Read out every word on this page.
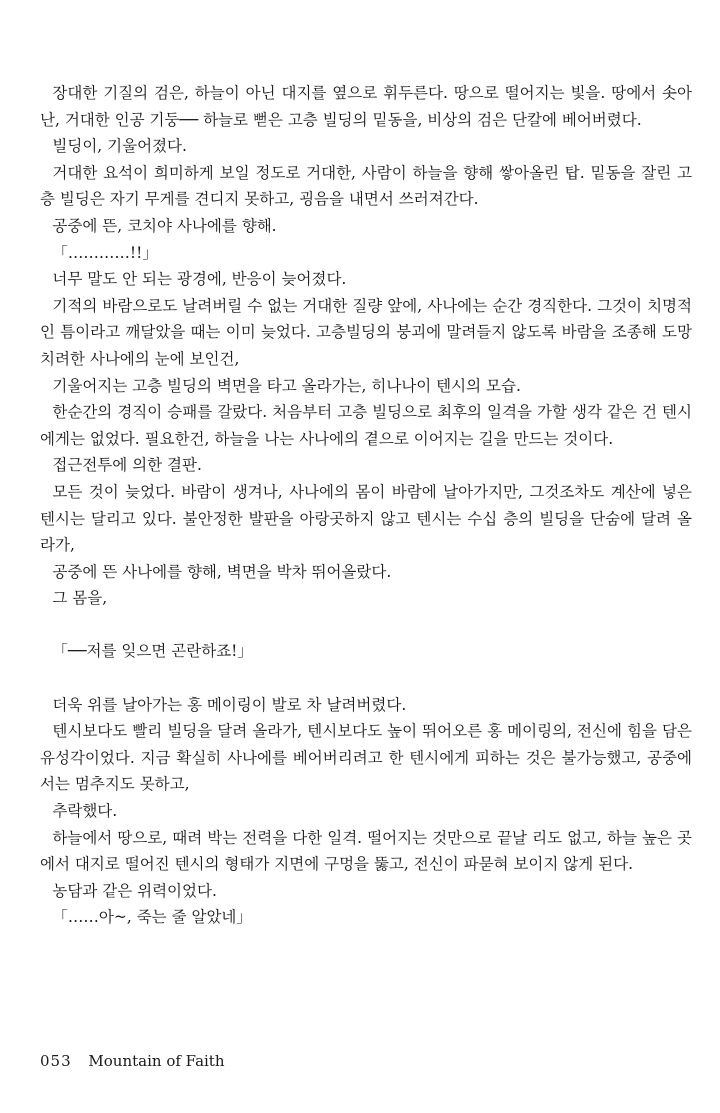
장대한 기질의 검은, 하늘이 아닌 대지를 옆으로 휘두른다. 땅으로 떨어지는 빛을. 땅에서 솟아난, 거대한 인공 기둥── 하늘로 뻗은 고층 빌딩의 밑동을, 비상의 검은 단칼에 베어버렸다.

빌딩이, 기울어졌다.

거대한 요석이 희미하게 보일 정도로 거대한, 사람이 하늘을 향해 쌓아올린 탑. 밑동을 잘린 고층 빌딩은 자기 무게를 견디지 못하고, 굉음을 내면서 쓰러져간다.

공중에 뜬, 코치야 사나에를 향해.

「…………!!」

너무 말도 안 되는 광경에, 반응이 늦어졌다.

기적의 바람으로도 날려버릴 수 없는 거대한 질량 앞에, 사나에는 순간 경직한다. 그것이 치명적인 틈이라고 깨달았을 때는 이미 늦었다. 고층빌딩의 붕괴에 말려들지 않도록 바람을 조종해 도망치려한 사나에의 눈에 보인건,

기울어지는 고층 빌딩의 벽면을 타고 올라가는, 히나나이 텐시의 모습.

한순간의 경직이 승패를 갈랐다. 처음부터 고층 빌딩으로 최후의 일격을 가할 생각 같은 건 텐시에게는 없었다. 필요한건, 하늘을 나는 사나에의 곁으로 이어지는 길을 만드는 것이다.

접근전투에 의한 결판.

모든 것이 늦었다. 바람이 생겨나, 사나에의 몸이 바람에 날아가지만, 그것조차도 계산에 넣은 텐시는 달리고 있다. 불안정한 발판을 아랑곳하지 않고 텐시는 수십 층의 빌딩을 단숨에 달려 올라가,

공중에 뜬 사나에를 향해, 벽면을 박차 뛰어올랐다.

그 몸을,

「──저를 잊으면 곤란하죠!」

더욱 위를 날아가는 홍 메이링이 발로 차 날려버렸다.

텐시보다도 빨리 빌딩을 달려 올라가, 텐시보다도 높이 뛰어오른 홍 메이링의, 전신에 힘을 담은 유성각이었다. 지금 확실히 사나에를 베어버리려고 한 텐시에게 피하는 것은 불가능했고, 공중에서는 멈추지도 못하고,

추락했다.

하늘에서 땅으로, 때려 박는 전력을 다한 일격. 떨어지는 것만으로 끝날 리도 없고, 하늘 높은 곳에서 대지로 떨어진 텐시의 형태가 지면에 구멍을 뚫고, 전신이 파묻혀 보이지 않게 된다.

농담과 같은 위력이었다.

「……아~, 죽는 줄 알았네」

053 Mountain of Faith
